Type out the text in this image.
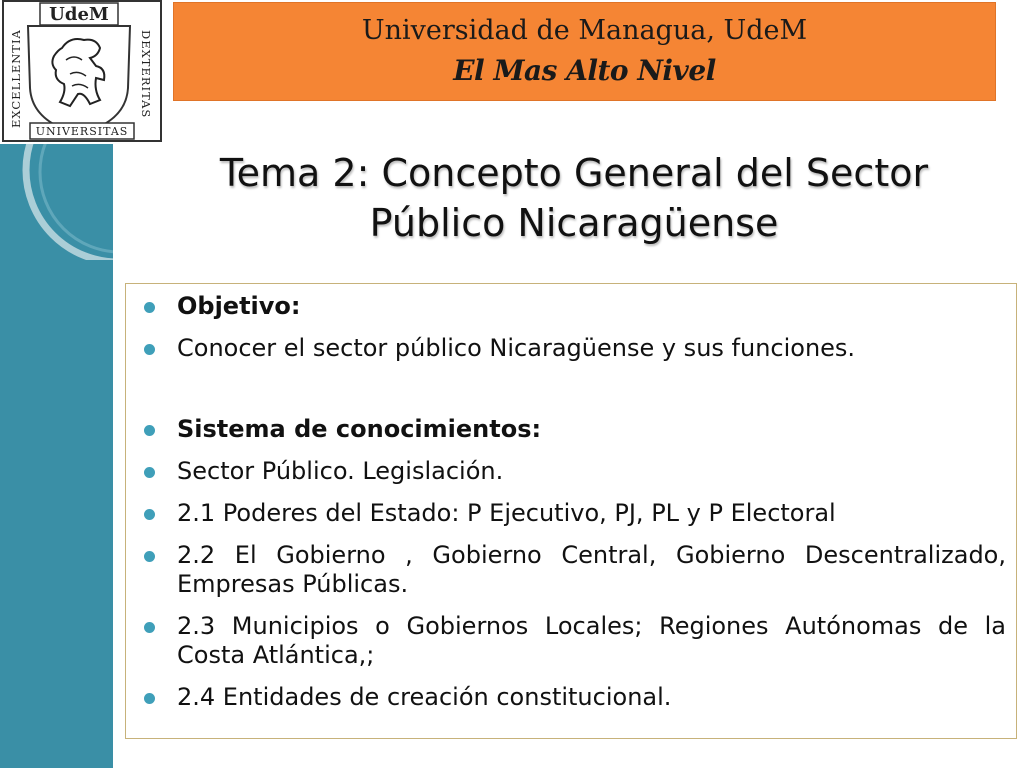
UdeM
EXCELLENTIA	DEXTERITAS
UNIVERSITAS
Universidad de Managua, UdeM
El Mas Alto Nivel
Tema 2: Concepto General del Sector
Público Nicaragüense
Objetivo:
Conocer el sector público Nicaragüense y sus funciones.
Sistema de conocimientos:
Sector Público. Legislación.
2.1 Poderes del Estado: P Ejecutivo, PJ, PL y P Electoral
2.2 El Gobierno , Gobierno Central, Gobierno Descentralizado, Empresas Públicas.
2.3 Municipios o Gobiernos Locales; Regiones Autónomas de la Costa Atlántica,;
2.4 Entidades de creación constitucional.
